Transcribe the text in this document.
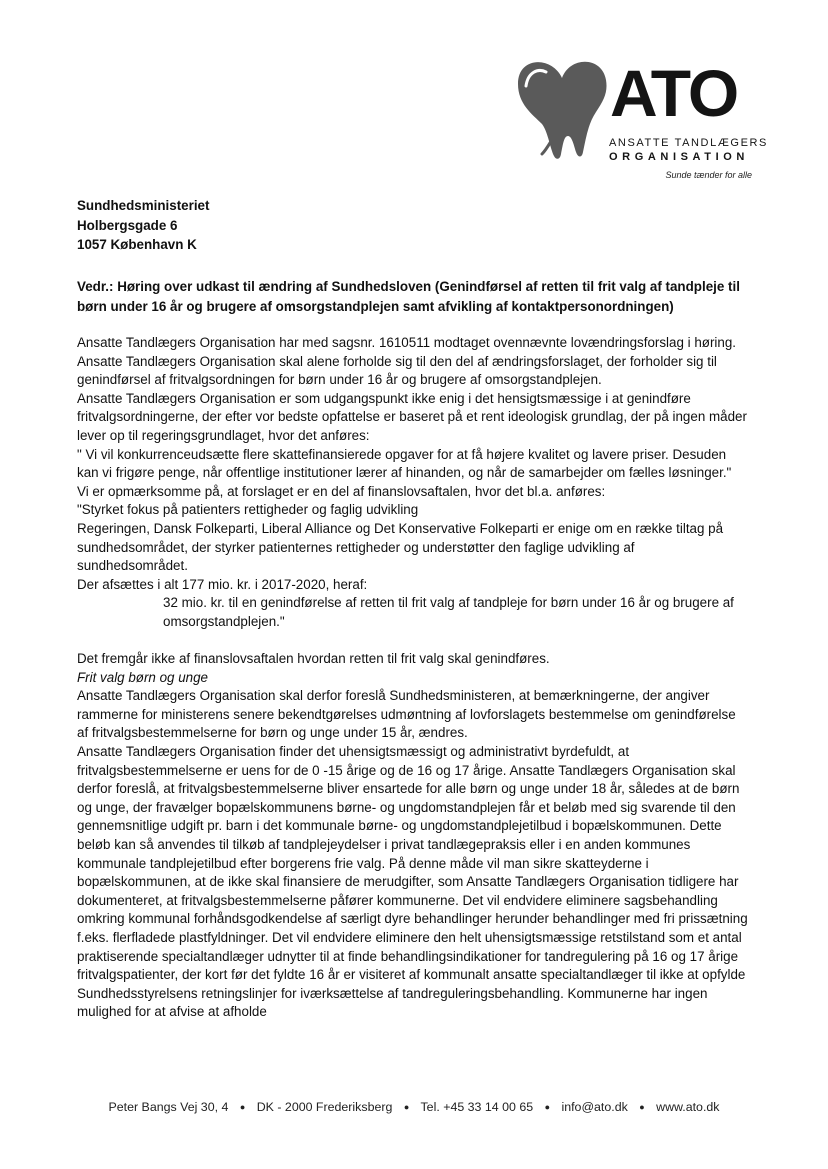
ATO
ANSATTE TANDLÆGERS
ORGANISATION
Sunde tænder for alle
Sundhedsministeriet
Holbergsgade 6
1057 København K
Vedr.: Høring over udkast til ændring af Sundhedsloven (Genindførsel af retten til frit valg af tandpleje til børn under 16 år og brugere af omsorgstandplejen samt afvikling af kontaktpersonordningen)

Ansatte Tandlægers Organisation har med sagsnr. 1610511 modtaget ovennævnte lovændringsforslag i høring.

Ansatte Tandlægers Organisation skal alene forholde sig til den del af ændringsforslaget, der forholder sig til genindførsel af fritvalgsordningen for børn under 16 år og brugere af omsorgstandplejen.

Ansatte Tandlægers Organisation er som udgangspunkt ikke enig i det hensigtsmæssige i at genindføre fritvalgsordningerne, der efter vor bedste opfattelse er baseret på et rent ideologisk grundlag, der på ingen måder lever op til regeringsgrundlaget, hvor det anføres:

" Vi vil konkurrenceudsætte flere skattefinansierede opgaver for at få højere kvalitet og lavere priser. Desuden kan vi frigøre penge, når offentlige institutioner lærer af hinanden, og når de samarbejder om fælles løsninger."

Vi er opmærksomme på, at forslaget er en del af finanslovsaftalen, hvor det bl.a. anføres:

"Styrket fokus på patienters rettigheder og faglig udvikling

Regeringen, Dansk Folkeparti, Liberal Alliance og Det Konservative Folkeparti er enige om en række tiltag på sundhedsområdet, der styrker patienternes rettigheder og understøtter den faglige udvikling af sundhedsområdet.

Der afsættes i alt 177 mio. kr. i 2017-2020, heraf:

32 mio. kr. til en genindførelse af retten til frit valg af tandpleje for børn under 16 år og brugere af omsorgstandplejen."

Det fremgår ikke af finanslovsaftalen hvordan retten til frit valg skal genindføres.

Frit valg børn og unge

Ansatte Tandlægers Organisation skal derfor foreslå Sundhedsministeren, at bemærkningerne, der angiver rammerne for ministerens senere bekendtgørelses udmøntning af lovforslagets bestemmelse om genindførelse af fritvalgsbestemmelserne for børn og unge under 15 år, ændres.

Ansatte Tandlægers Organisation finder det uhensigtsmæssigt og administrativt byrdefuldt, at fritvalgsbestemmelserne er uens for de 0 -15 årige og de 16 og 17 årige. Ansatte Tandlægers Organisation skal derfor foreslå, at fritvalgsbestemmelserne bliver ensartede for alle børn og unge under 18 år, således at de børn og unge, der fravælger bopælskommunens børne- og ungdomstandplejen får et beløb med sig svarende til den gennemsnitlige udgift pr. barn i det kommunale børne- og ungdomstandplejetilbud i bopælskommunen. Dette beløb kan så anvendes til tilkøb af tandplejeydelser i privat tandlægepraksis eller i en anden kommunes kommunale tandplejetilbud efter borgerens frie valg. På denne måde vil man sikre skatteyderne i bopælskommunen, at de ikke skal finansiere de merudgifter, som Ansatte Tandlægers Organisation tidligere har dokumenteret, at fritvalgsbestemmelserne påfører kommunerne. Det vil endvidere eliminere sagsbehandling omkring kommunal forhåndsgodkendelse af særligt dyre behandlinger herunder behandlinger med fri prissætning f.eks. flerfladede plastfyldninger. Det vil endvidere eliminere den helt uhensigtsmæssige retstilstand som et antal praktiserende specialtandlæger udnytter til at finde behandlingsindikationer for tandregulering på 16 og 17 årige fritvalgspatienter, der kort før det fyldte 16 år er visiteret af kommunalt ansatte specialtandlæger til ikke at opfylde Sundhedsstyrelsens retningslinjer for iværksættelse af tandreguleringsbehandling. Kommunerne har ingen mulighed for at afvise at afholde

Peter Bangs Vej 30, 4 ● DK - 2000 Frederiksberg ● Tel. +45 33 14 00 65 ● info@ato.dk ● www.ato.dk
